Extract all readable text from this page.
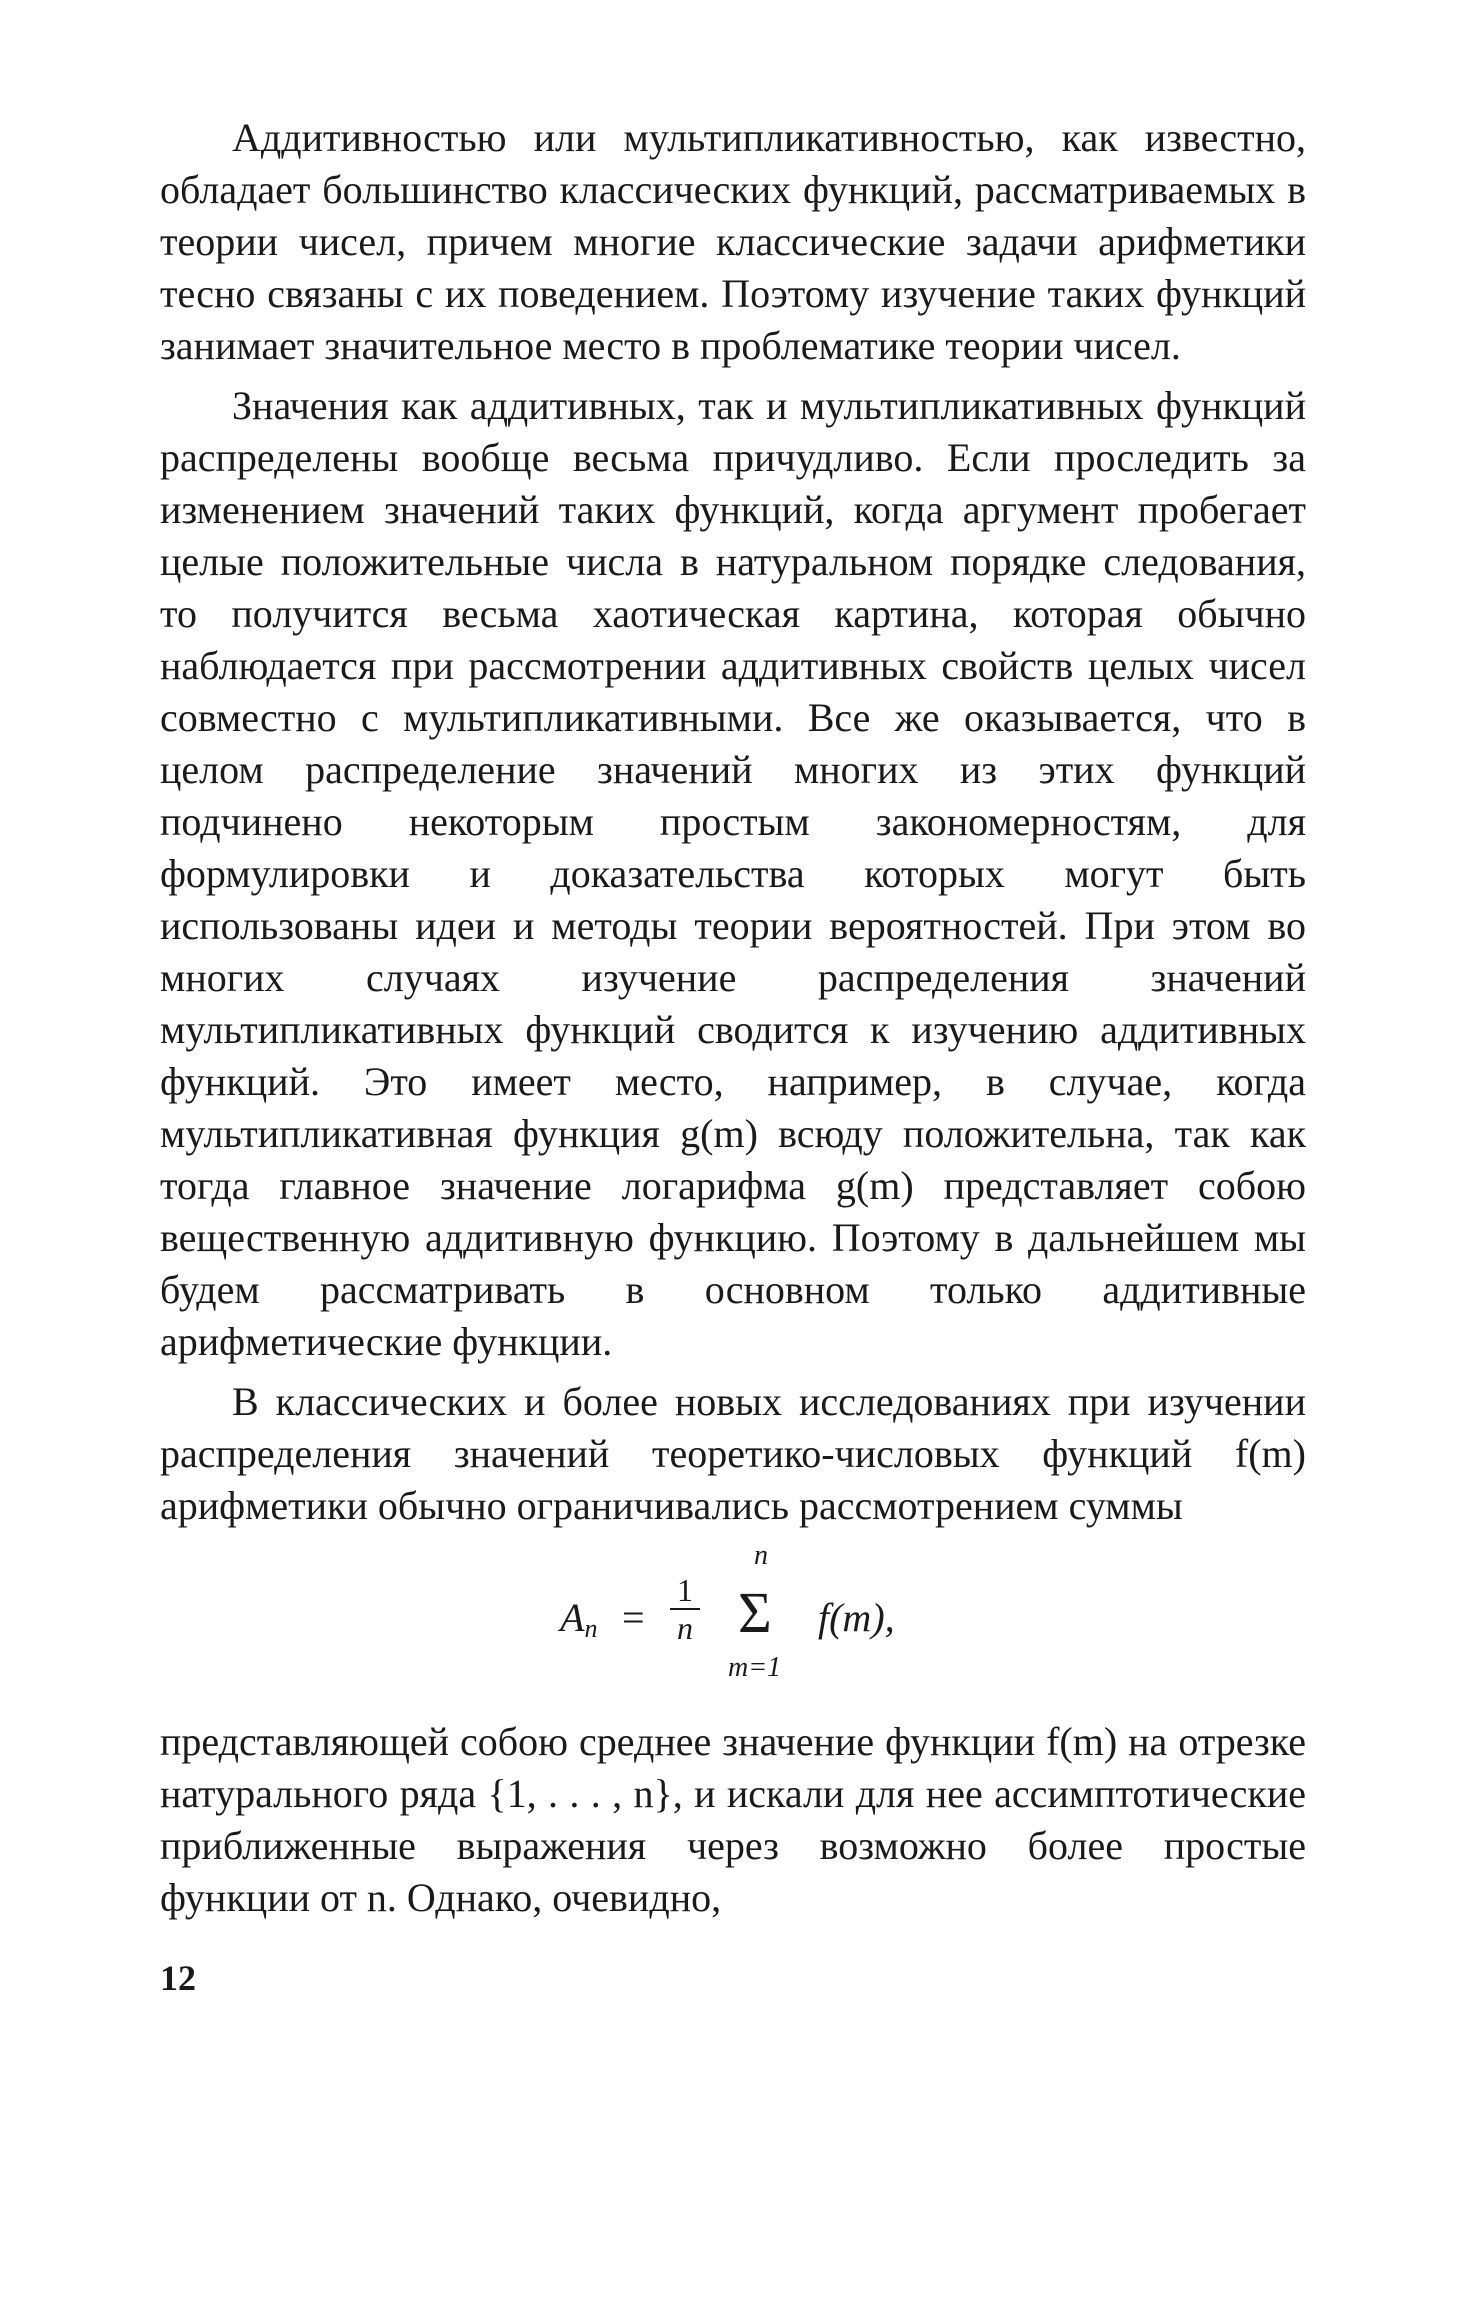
Аддитивностью или мультипликативностью, как известно, обладает большинство классических функций, рассматриваемых в теории чисел, причем многие классические задачи арифметики тесно связаны с их поведением. Поэтому изучение таких функций занимает значительное место в проблематике теории чисел.

Значения как аддитивных, так и мультипликативных функций распределены вообще весьма причудливо. Если проследить за изменением значений таких функций, когда аргумент пробегает целые положительные числа в натуральном порядке следования, то получится весьма хаотическая картина, которая обычно наблюдается при рассмотрении аддитивных свойств целых чисел совместно с мультипликативными. Все же оказывается, что в целом распределение значений многих из этих функций подчинено некоторым простым закономерностям, для формулировки и доказательства которых могут быть использованы идеи и методы теории вероятностей. При этом во многих случаях изучение распределения значений мультипликативных функций сводится к изучению аддитивных функций. Это имеет место, например, в случае, когда мультипликативная функция g(m) всюду положительна, так как тогда главное значение логарифма g(m) представляет собою вещественную аддитивную функцию. Поэтому в дальнейшем мы будем рассматривать в основном только аддитивные арифметические функции.

В классических и более новых исследованиях при изучении распределения значений теоретико-числовых функций f(m) арифметики обычно ограничивались рассмотрением суммы

$A_n = \frac{1}{n}$
n
Σ
m=1
f(m),

представляющей собою среднее значение функции f(m) на отрезке натурального ряда {1, . . . , n}, и искали для нее ассимптотические приближенные выражения через возможно более простые функции от n. Однако, очевидно,

12
